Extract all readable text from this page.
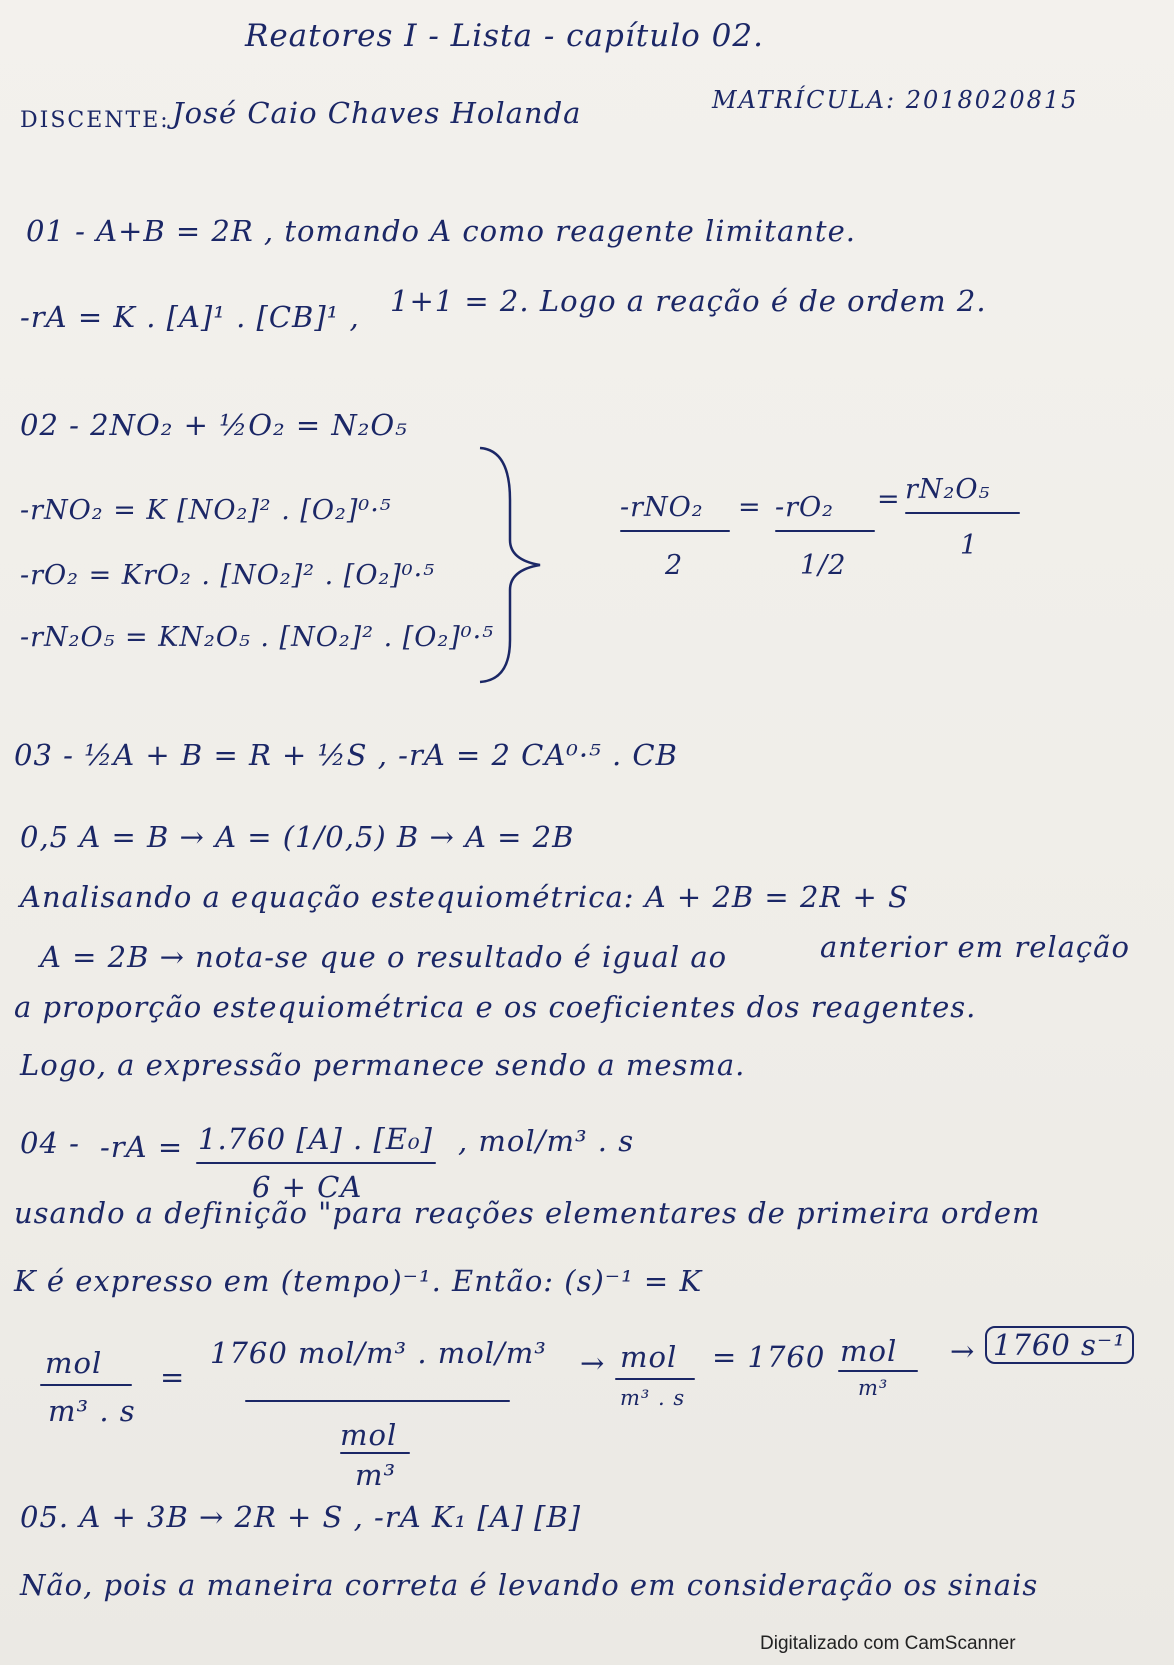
Reatores I - Lista - capítulo 02.
DISCENTE: José Caio Chaves Holanda	MATRÍCULA: 2018020815
01 - A+B = 2R , tomando A como reagente limitante.
-rA = K . [A]¹ . [CB]¹ , 1+1 = 2. Logo a reação é de ordem 2.
02 - 2NO₂ + ½O₂ = N₂O₅
-rNO₂ = K [NO₂]² . [O₂]⁰·⁵
-rO₂ = KrO₂ . [NO₂]² . [O₂]⁰·⁵
-rN₂O₅ = KN₂O₅ . [NO₂]² . [O₂]⁰·⁵
-rNO₂
2
= -rO₂
1/2
= rN₂O₅
1
03 - ½A + B = R + ½S , -rA = 2 CA⁰·⁵ . CB
0,5 A = B → A = (1/0,5) B → A = 2B
Analisando a equação estequiométrica: A + 2B = 2R + S
A = 2B → nota-se que o resultado é igual ao	anterior em relação
a proporção estequiométrica e os coeficientes dos reagentes.
Logo, a expressão permanece sendo a mesma.
04 - -rA = 1.760 [A] . [E₀]
6 + CA
, mol/m³ . s
usando a definição "para reações elementares de primeira ordem
K é expresso em (tempo)⁻¹. Então: (s)⁻¹ = K
mol
m³ . s
=
1760 mol/m³ . mol/m³
mol
m³
→ mol
m³ . s
= 1760 mol
m³
→ 1760 s⁻¹
05. A + 3B → 2R + S , -rA K₁ [A] [B]
Não, pois a maneira correta é levando em consideração os sinais
Digitalizado com CamScanner
